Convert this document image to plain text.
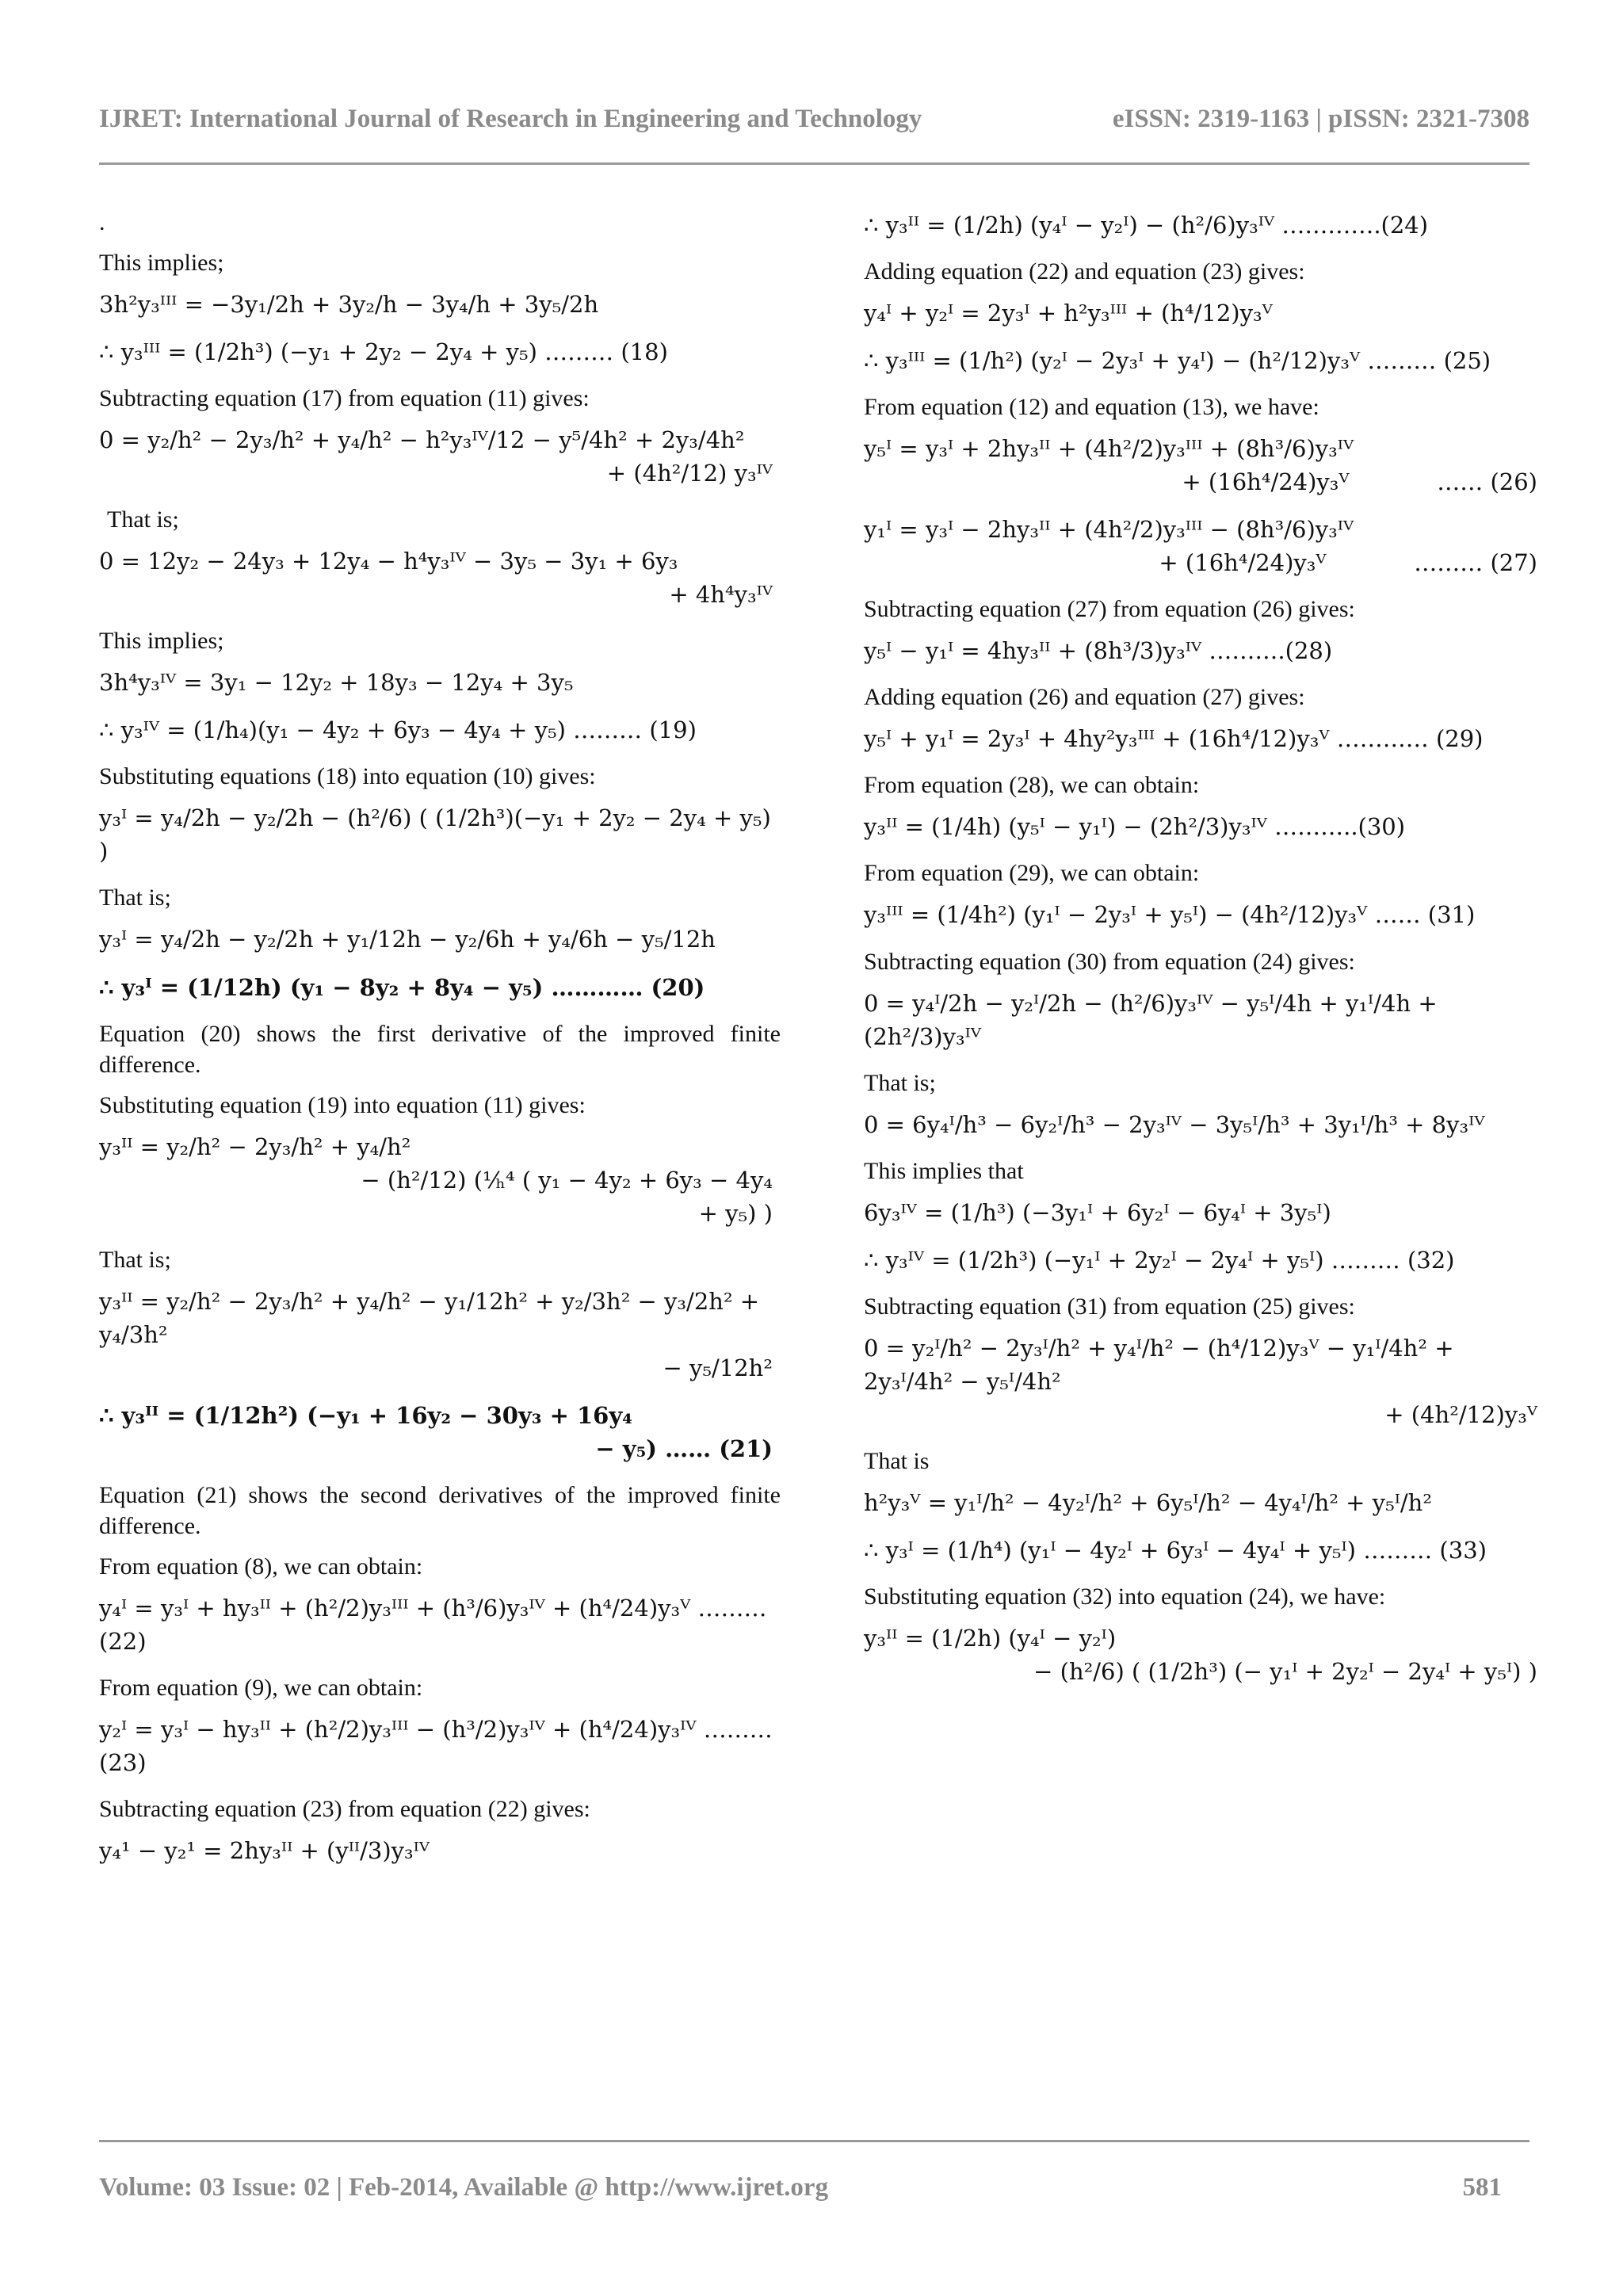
IJRET: International Journal of Research in Engineering and Technology	eISSN: 2319-1163 | pISSN: 2321-7308
.
This implies;
3h²y₃ᴵᴵᴵ = −3y₁/2h + 3y₂/h − 3y₄/h + 3y₅/2h
∴ y₃ᴵᴵᴵ = (1/2h³) (−y₁ + 2y₂ − 2y₄ + y₅) ……… (18)
Subtracting equation (17) from equation (11) gives:
0 = y₂/h² − 2y₃/h² + y₄/h² − h²y₃ᴵⱽ/12 − y⁵/4h² + 2y₃/4h²
+ (4h²/12) y₃ᴵⱽ
That is;
0 = 12y₂ − 24y₃ + 12y₄ − h⁴y₃ᴵⱽ − 3y₅ − 3y₁ + 6y₃
+ 4h⁴y₃ᴵⱽ
This implies;
3h⁴y₃ᴵⱽ = 3y₁ − 12y₂ + 18y₃ − 12y₄ + 3y₅
∴ y₃ᴵⱽ = (1/h₄)(y₁ − 4y₂ + 6y₃ − 4y₄ + y₅) ……… (19)
Substituting equations (18) into equation (10) gives:
y₃ᴵ = y₄/2h − y₂/2h − (h²/6) ( (1/2h³)(−y₁ + 2y₂ − 2y₄ + y₅) )
That is;
y₃ᴵ = y₄/2h − y₂/2h + y₁/12h − y₂/6h + y₄/6h − y₅/12h
∴ y₃ᴵ = (1/12h) (y₁ − 8y₂ + 8y₄ − y₅) ………… (20)
Equation (20) shows the first derivative of the improved finite difference.
Substituting equation (19) into equation (11) gives:
y₃ᴵᴵ = y₂/h² − 2y₃/h² + y₄/h²
− (h²/12) (¹⁄ₕ⁴ ( y₁ − 4y₂ + 6y₃ − 4y₄
+ y₅) )
That is;
y₃ᴵᴵ = y₂/h² − 2y₃/h² + y₄/h² − y₁/12h² + y₂/3h² − y₃/2h² + y₄/3h²
− y₅/12h²
∴ y₃ᴵᴵ = (1/12h²) (−y₁ + 16y₂ − 30y₃ + 16y₄
− y₅) …… (21)
Equation (21) shows the second derivatives of the improved finite difference.
From equation (8), we can obtain:
y₄ᴵ = y₃ᴵ + hy₃ᴵᴵ + (h²/2)y₃ᴵᴵᴵ + (h³/6)y₃ᴵⱽ + (h⁴/24)y₃ⱽ ……… (22)
From equation (9), we can obtain:
y₂ᴵ = y₃ᴵ − hy₃ᴵᴵ + (h²/2)y₃ᴵᴵᴵ − (h³/2)y₃ᴵⱽ + (h⁴/24)y₃ᴵⱽ ……… (23)
Subtracting equation (23) from equation (22) gives:
y₄¹ − y₂¹ = 2hy₃ᴵᴵ + (yᴵᴵ/3)y₃ᴵⱽ
∴ y₃ᴵᴵ = (1/2h) (y₄ᴵ − y₂ᴵ) − (h²/6)y₃ᴵⱽ ………….(24)
Adding equation (22) and equation (23) gives:
y₄ᴵ + y₂ᴵ = 2y₃ᴵ + h²y₃ᴵᴵᴵ + (h⁴/12)y₃ⱽ
∴ y₃ᴵᴵᴵ = (1/h²) (y₂ᴵ − 2y₃ᴵ + y₄ᴵ) − (h²/12)y₃ⱽ ……… (25)
From equation (12) and equation (13), we have:
y₅ᴵ = y₃ᴵ + 2hy₃ᴵᴵ + (4h²/2)y₃ᴵᴵᴵ + (8h³/6)y₃ᴵⱽ
+ (16h⁴/24)y₃ⱽ            …… (26)
y₁ᴵ = y₃ᴵ − 2hy₃ᴵᴵ + (4h²/2)y₃ᴵᴵᴵ − (8h³/6)y₃ᴵⱽ
+ (16h⁴/24)y₃ⱽ            ……… (27)
Subtracting equation (27) from equation (26) gives:
y₅ᴵ − y₁ᴵ = 4hy₃ᴵᴵ + (8h³/3)y₃ᴵⱽ ……….(28)
Adding equation (26) and equation (27) gives:
y₅ᴵ + y₁ᴵ = 2y₃ᴵ + 4hy²y₃ᴵᴵᴵ + (16h⁴/12)y₃ⱽ ………… (29)
From equation (28), we can obtain:
y₃ᴵᴵ = (1/4h) (y₅ᴵ − y₁ᴵ) − (2h²/3)y₃ᴵⱽ ………..(30)
From equation (29), we can obtain:
y₃ᴵᴵᴵ = (1/4h²) (y₁ᴵ − 2y₃ᴵ + y₅ᴵ) − (4h²/12)y₃ⱽ …… (31)
Subtracting equation (30) from equation (24) gives:
0 = y₄ᴵ/2h − y₂ᴵ/2h − (h²/6)y₃ᴵⱽ − y₅ᴵ/4h + y₁ᴵ/4h + (2h²/3)y₃ᴵⱽ
That is;
0 = 6y₄ᴵ/h³ − 6y₂ᴵ/h³ − 2y₃ᴵⱽ − 3y₅ᴵ/h³ + 3y₁ᴵ/h³ + 8y₃ᴵⱽ
This implies that
6y₃ᴵⱽ = (1/h³) (−3y₁ᴵ + 6y₂ᴵ − 6y₄ᴵ + 3y₅ᴵ)
∴ y₃ᴵⱽ = (1/2h³) (−y₁ᴵ + 2y₂ᴵ − 2y₄ᴵ + y₅ᴵ) ……… (32)
Subtracting equation (31) from equation (25) gives:
0 = y₂ᴵ/h² − 2y₃ᴵ/h² + y₄ᴵ/h² − (h⁴/12)y₃ⱽ − y₁ᴵ/4h² + 2y₃ᴵ/4h² − y₅ᴵ/4h²
+ (4h²/12)y₃ⱽ
That is
h²y₃ⱽ = y₁ᴵ/h² − 4y₂ᴵ/h² + 6y₅ᴵ/h² − 4y₄ᴵ/h² + y₅ᴵ/h²
∴ y₃ᴵ = (1/h⁴) (y₁ᴵ − 4y₂ᴵ + 6y₃ᴵ − 4y₄ᴵ + y₅ᴵ) ……… (33)
Substituting equation (32) into equation (24), we have:
y₃ᴵᴵ = (1/2h) (y₄ᴵ − y₂ᴵ)
− (h²/6) ( (1/2h³) (− y₁ᴵ + 2y₂ᴵ − 2y₄ᴵ + y₅ᴵ) )
Volume: 03 Issue: 02 | Feb-2014, Available @ http://www.ijret.org	581
